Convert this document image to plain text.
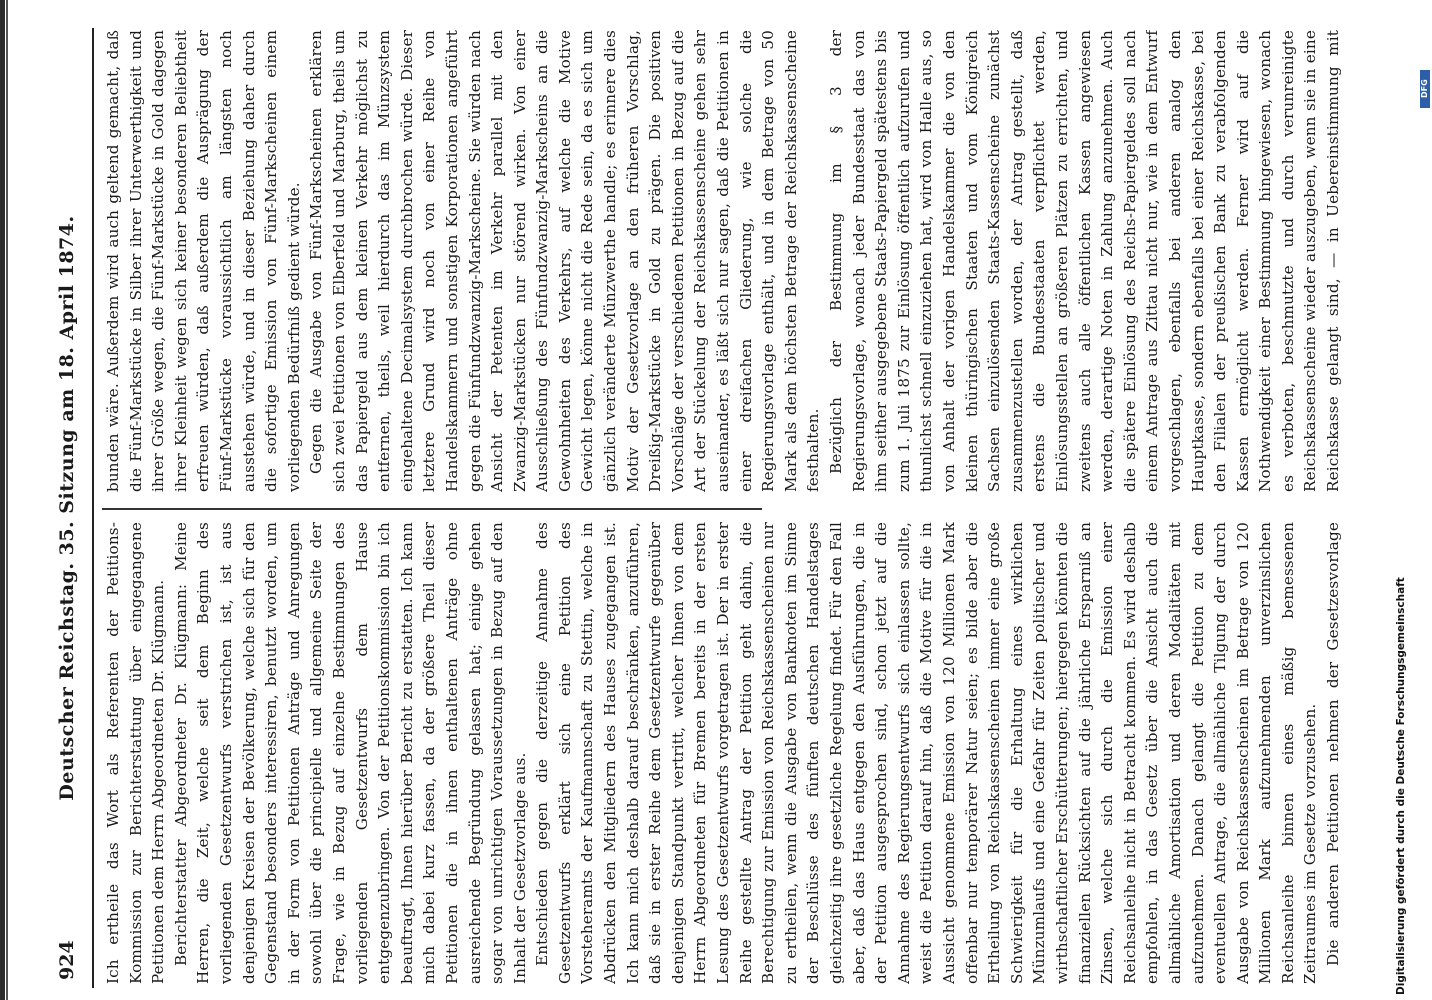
924
Deutscher Reichstag. 35. Sitzung am 18. April 1874. Ich ertheile das Wort als Referenten der Petitions-Kommission zur Berichterstattung über eingegangene Petitionen dem Herrn Abgeordneten Dr. Klügmann. Berichterstatter Abgeordneter Dr. Klügmann: Meine Herren, die Zeit, welche seit dem Beginn des vorliegenden Gesetzentwurfs verstrichen ist, ist aus denjenigen Kreisen der Bevölkerung, welche sich für den Gegenstand besonders interessiren, benutzt worden, um in der Form von Petitionen Anträge und Anregungen sowohl über die principielle und allgemeine Seite der Frage, wie in Bezug auf einzelne Bestimmungen des vorliegenden Gesetzentwurfs dem Hause entgegenzubringen. Von der Petitionskommission bin ich beauftragt, Ihnen hierüber Bericht zu erstatten. Ich kann mich dabei kurz fassen, da der größere Theil dieser Petitionen die in ihnen enthaltenen Anträge ohne ausreichende Begründung gelassen hat; einige gehen sogar von unrichtigen Voraussetzungen in Bezug auf den Inhalt der Gesetzvorlage aus. Entschieden gegen die derzeitige Annahme des Gesetzentwurfs erklärt sich eine Petition des Vorsteheramts der Kaufmannschaft zu Stettin, welche in Abdrücken den Mitgliedern des Hauses zugegangen ist. Ich kann mich deshalb darauf beschränken, anzuführen, daß sie in erster Reihe dem Gesetzentwurfe gegenüber denjenigen Standpunkt vertritt, welcher Ihnen von dem Herrn Abgeordneten für Bremen bereits in der ersten Lesung des Gesetzentwurfs vorgetragen ist. Der in erster Reihe gestellte Antrag der Petition geht dahin, die Berechtigung zur Emission von Reichskassenscheinen nur zu ertheilen, wenn die Ausgabe von Banknoten im Sinne der Beschlüsse des fünften deutschen Handelstages gleichzeitig ihre gesetzliche Regelung findet. Für den Fall aber, daß das Haus entgegen den Ausführungen, die in der Petition ausgesprochen sind, schon jetzt auf die Annahme des Regierungsentwurfs sich einlassen sollte, weist die Petition darauf hin, daß die Motive für die in Aussicht genommene Emission von 120 Millionen Mark offenbar nur temporärer Natur seien; es bilde aber die Ertheilung von Reichskassenscheinen immer eine große Schwierigkeit für die Erhaltung eines wirklichen Münzumlaufs und eine Gefahr für Zeiten politischer und wirthschaftlicher Erschütterungen; hiergegen könnten die finanziellen Rücksichten auf die jährliche Ersparniß an Zinsen, welche sich durch die Emission einer Reichsanleihe nicht in Betracht kommen. Es wird deshalb empfohlen, in das Gesetz über die Ansicht auch die allmähliche Amortisation und deren Modalitäten mit aufzunehmen. Danach gelangt die Petition zu dem eventuellen Antrage, die allmähliche Tilgung der durch Ausgabe von Reichskassenscheinen im Betrage von 120 Millionen Mark aufzunehmenden unverzinslichen Reichsanleihe binnen eines mäßig bemessenen Zeitraumes im Gesetze vorzusehen. Die anderen Petitionen nehmen der Gesetzesvorlage

bunden wäre. Außerdem wird auch geltend gemacht, daß die Fünf-Markstücke in Silber ihrer Unterwerthigkeit und ihrer Größe wegen, die Fünf-Markstücke in Gold dagegen ihrer Kleinheit wegen sich keiner besonderen Beliebtheit erfreuen würden, daß außerdem die Ausprägung der Fünf-Markstücke voraussichtlich am längsten noch ausstehen würde, und in dieser Beziehung daher durch die sofortige Emission von Fünf-Markscheinen einem vorliegenden Bedürfniß gedient würde. Gegen die Ausgabe von Fünf-Markscheinen erklären sich zwei Petitionen von Elberfeld und Marburg, theils um das Papiergeld aus dem kleinen Verkehr möglichst zu entfernen, theils, weil hierdurch das im Münzsystem eingehaltene Decimalsystem durchbrochen würde. Dieser letztere Grund wird noch von einer Reihe von Handelskammern und sonstigen Korporationen angeführt gegen die Fünfundzwanzig-Markscheine. Sie würden nach Ansicht der Petenten im Verkehr parallel mit den Zwanzig-Markstücken nur störend wirken. Von einer Ausschließung des Fünfundzwanzig-Markscheins an die Gewohnheiten des Verkehrs, auf welche die Motive Gewicht legen, könne nicht die Rede sein, da es sich um gänzlich veränderte Münzwerthe handle; es erinnere dies Motiv der Gesetzvorlage an den früheren Vorschlag, Dreißig-Markstücke in Gold zu prägen. Die positiven Vorschläge der verschiedenen Petitionen in Bezug auf die Art der Stückelung der Reichskassenscheine gehen sehr auseinander, es läßt sich nur sagen, daß die Petitionen in einer dreifachen Gliederung, wie solche die Regierungsvorlage enthält, und in dem Betrage von 50 Mark als dem höchsten Betrage der Reichskassenscheine festhalten. Bezüglich der Bestimmung im § 3 der Regierungsvorlage, wonach jeder Bundesstaat das von ihm seither ausgegebene Staats-Papiergeld spätestens bis zum 1. Juli 1875 zur Einlösung öffentlich aufzurufen und thunlichst schnell einzuziehen hat, wird von Halle aus, so von Anhalt der vorigen Handelskammer die von den kleinen thüringischen Staaten und vom Königreich Sachsen einzulösenden Staats-Kassenscheine zunächst zusammenzustellen worden, der Antrag gestellt, daß erstens die Bundesstaaten verpflichtet werden, Einlösungsstellen an größeren Plätzen zu errichten, und zweitens auch alle öffentlichen Kassen angewiesen werden, derartige Noten in Zahlung anzunehmen. Auch die spätere Einlösung des Reichs-Papiergeldes soll nach einem Antrage aus Zittau nicht nur, wie in dem Entwurf vorgeschlagen, ebenfalls bei anderen analog den Hauptkasse, sondern ebenfalls bei einer Reichskasse, bei den Filialen der preußischen Bank zu verabfolgenden Kassen ermöglicht werden. Ferner wird auf die Nothwendigkeit einer Bestimmung hingewiesen, wonach es verboten, beschmutzte und durch verunreinigte Reichskassenscheine wieder auszugeben, wenn sie in eine Reichskasse gelangt sind, — in Uebereinstimmung mit

Digitalisierung gefördert durch die Deutsche Forschungsgemeinschaft
DFG
